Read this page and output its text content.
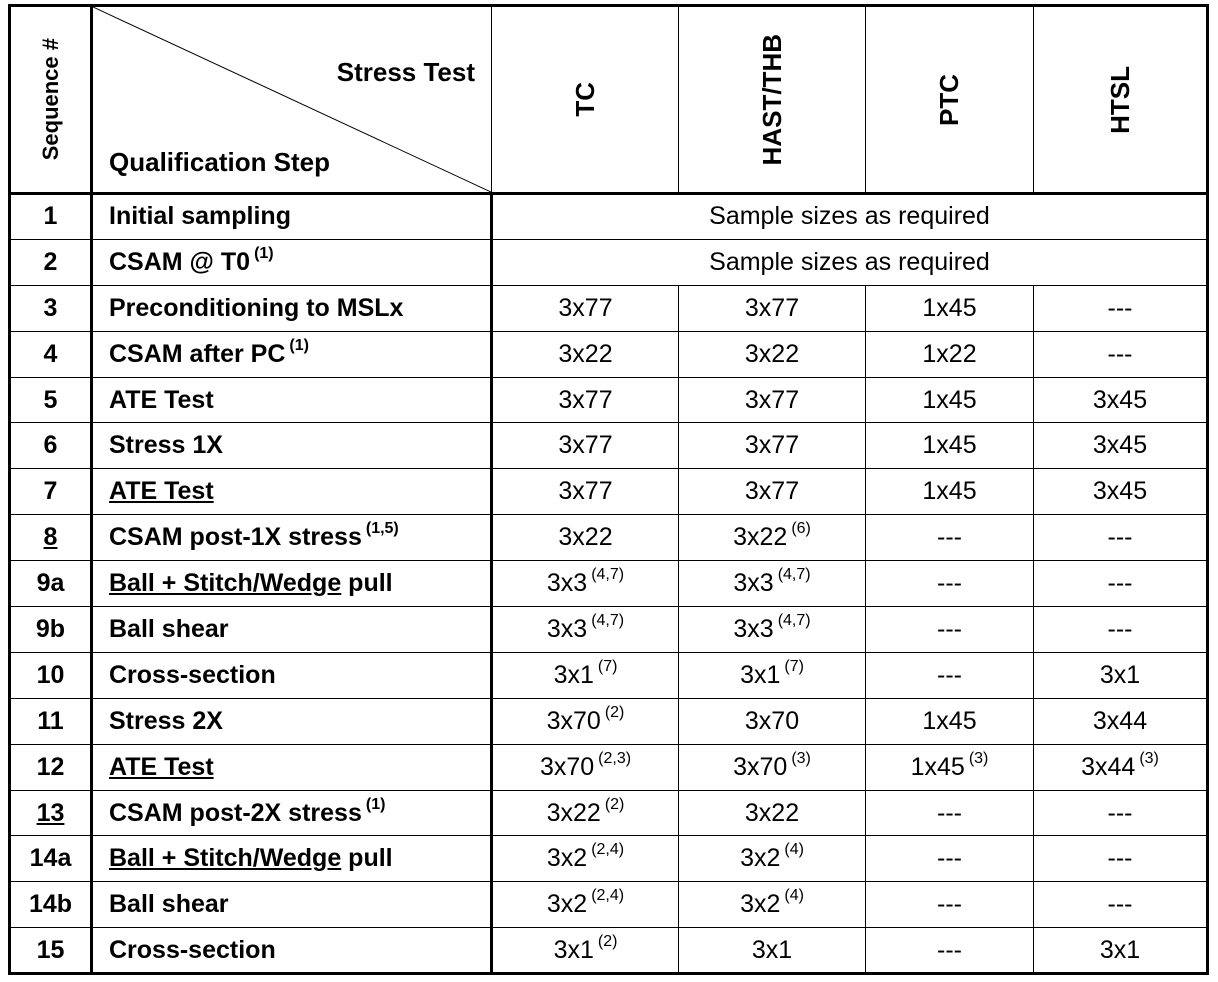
Sequence #	Stress Test
Qualification Step	TC	HAST/THB	PTC	HTSL

1	Initial sampling	Sample sizes as required			
2	CSAM @ T0 $^{(1)}$	Sample sizes as required			
3	Preconditioning to MSLx	3x77	3x77	1x45	---
4	CSAM after PC $^{(1)}$	3x22	3x22	1x22	---
5	ATE Test	3x77	3x77	1x45	3x45
6	Stress 1X	3x77	3x77	1x45	3x45
7	ATE Test	3x77	3x77	1x45	3x45
8	CSAM post-1X stress $^{(1,5)}$	3x22	3x22 $^{(6)}$	---	---
9a	Ball + Stitch/Wedge pull	3x3 $^{(4,7)}$	3x3 $^{(4,7)}$	---	---
9b	Ball shear	3x3 $^{(4,7)}$	3x3 $^{(4,7)}$	---	---
10	Cross-section	3x1 $^{(7)}$	3x1 $^{(7)}$	---	3x1
11	Stress 2X	3x70 $^{(2)}$	3x70	1x45	3x44
12	ATE Test	3x70 $^{(2,3)}$	3x70 $^{(3)}$	1x45 $^{(3)}$	3x44 $^{(3)}$
13	CSAM post-2X stress $^{(1)}$	3x22 $^{(2)}$	3x22	---	---
14a	Ball + Stitch/Wedge pull	3x2 $^{(2,4)}$	3x2 $^{(4)}$	---	---
14b	Ball shear	3x2 $^{(2,4)}$	3x2 $^{(4)}$	---	---
15	Cross-section	3x1 $^{(2)}$	3x1	---	3x1
